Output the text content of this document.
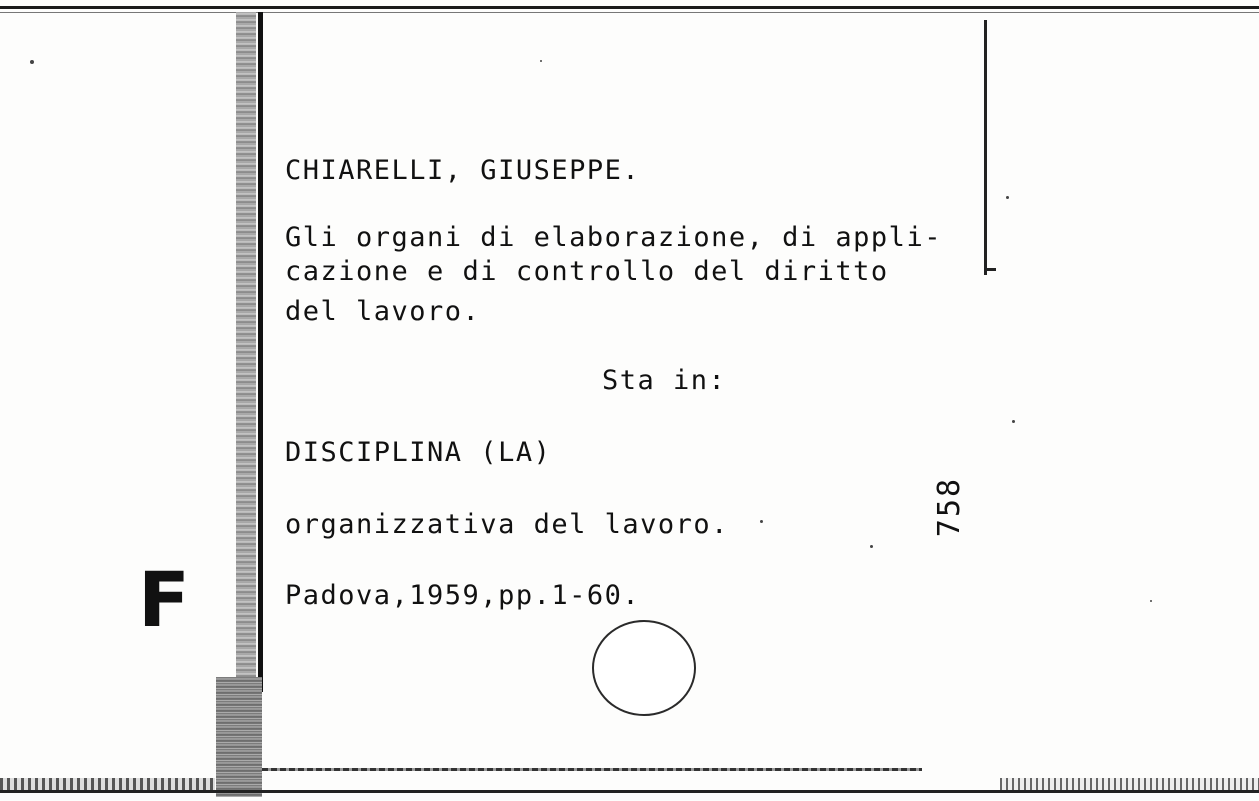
F
CHIARELLI, GIUSEPPE.
Gli organi di elaborazione, di appli-
cazione e di controllo del diritto
del lavoro.
Sta in:
DISCIPLINA (LA)
organizzativa del lavoro.
Padova,1959,pp.1-60.
758
